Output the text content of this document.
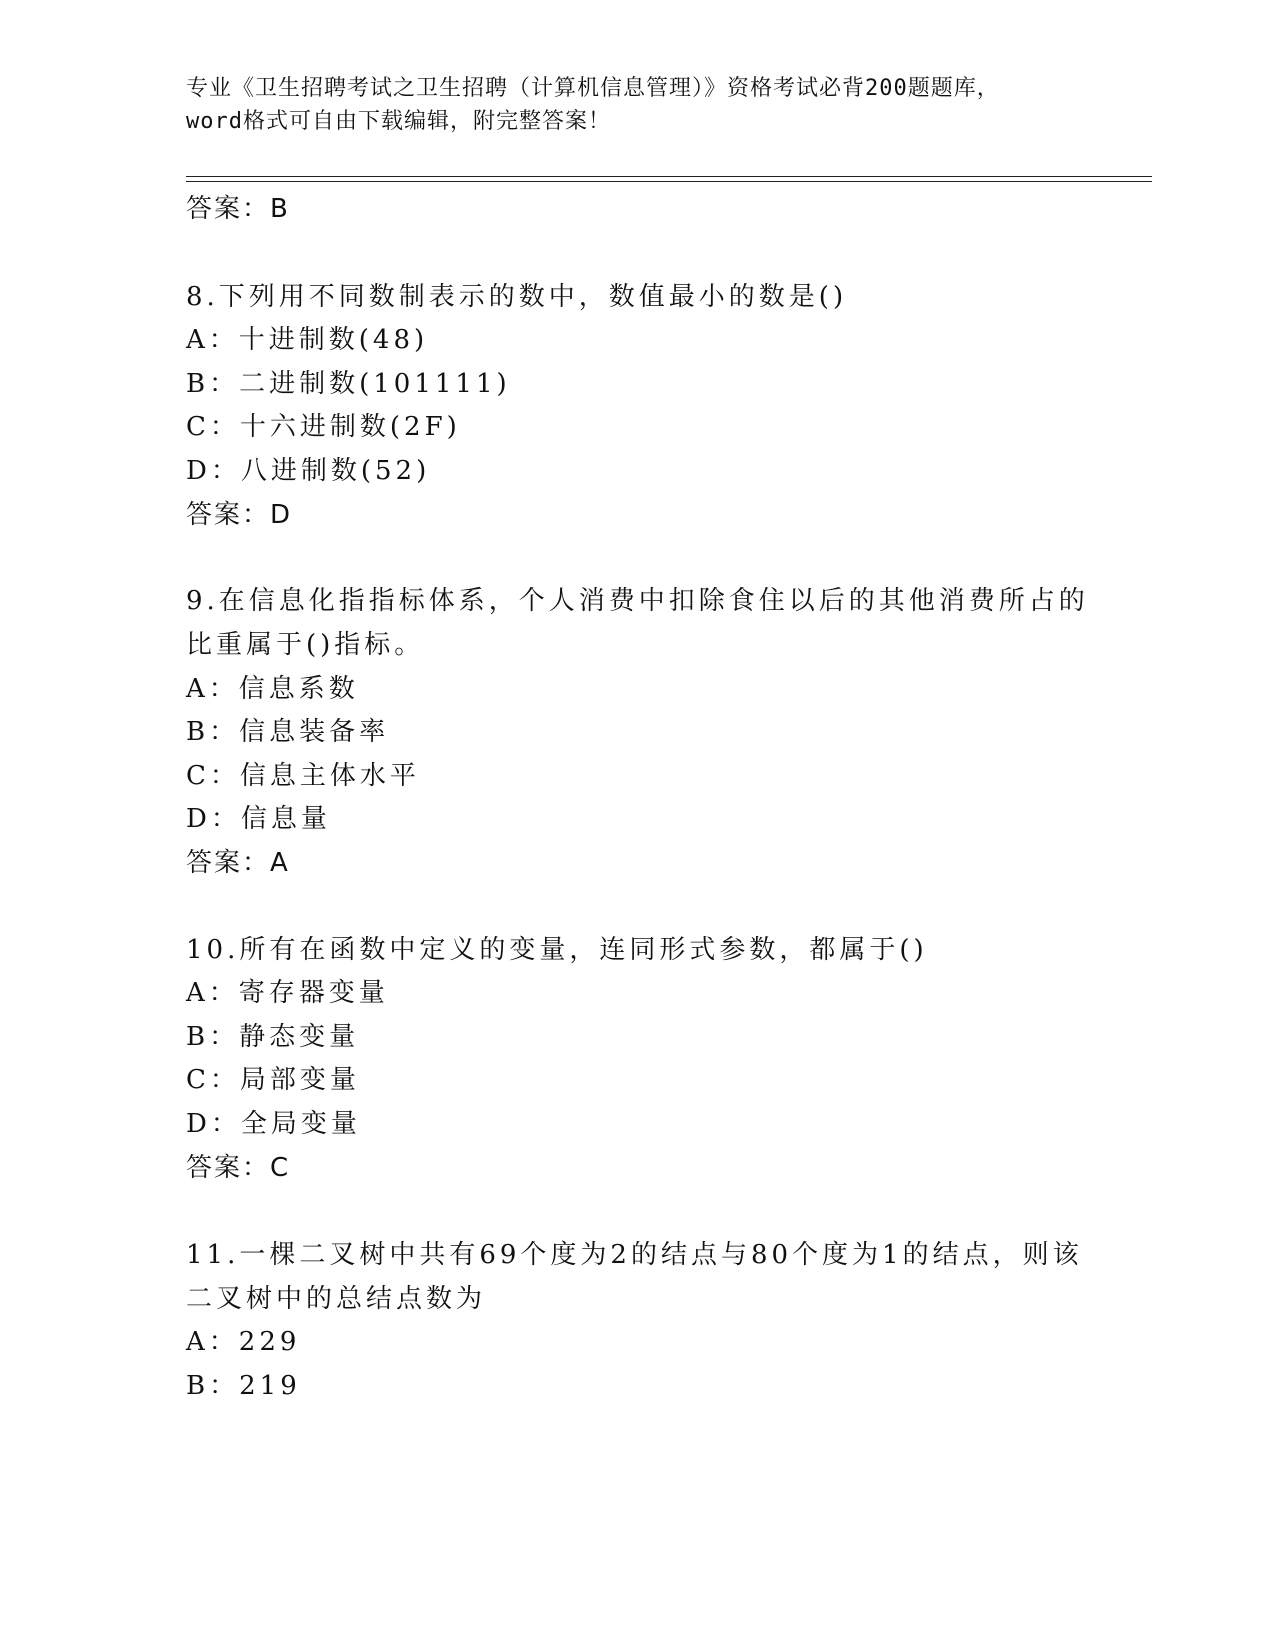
专业《卫生招聘考试之卫生招聘（计算机信息管理）》资格考试必背200题题库，
word格式可自由下载编辑，附完整答案！
答案：B
8.下列用不同数制表示的数中，数值最小的数是()
A：十进制数(48)
B：二进制数(101111)
C：十六进制数(2F)
D：八进制数(52)
答案：D
9.在信息化指指标体系，个人消费中扣除食住以后的其他消费所占的
比重属于()指标。
A：信息系数
B：信息装备率
C：信息主体水平
D：信息量
答案：A
10.所有在函数中定义的变量，连同形式参数，都属于()
A：寄存器变量
B：静态变量
C：局部变量
D：全局变量
答案：C
11.一棵二叉树中共有69个度为2的结点与80个度为1的结点，则该
二叉树中的总结点数为
A：229
B：219
